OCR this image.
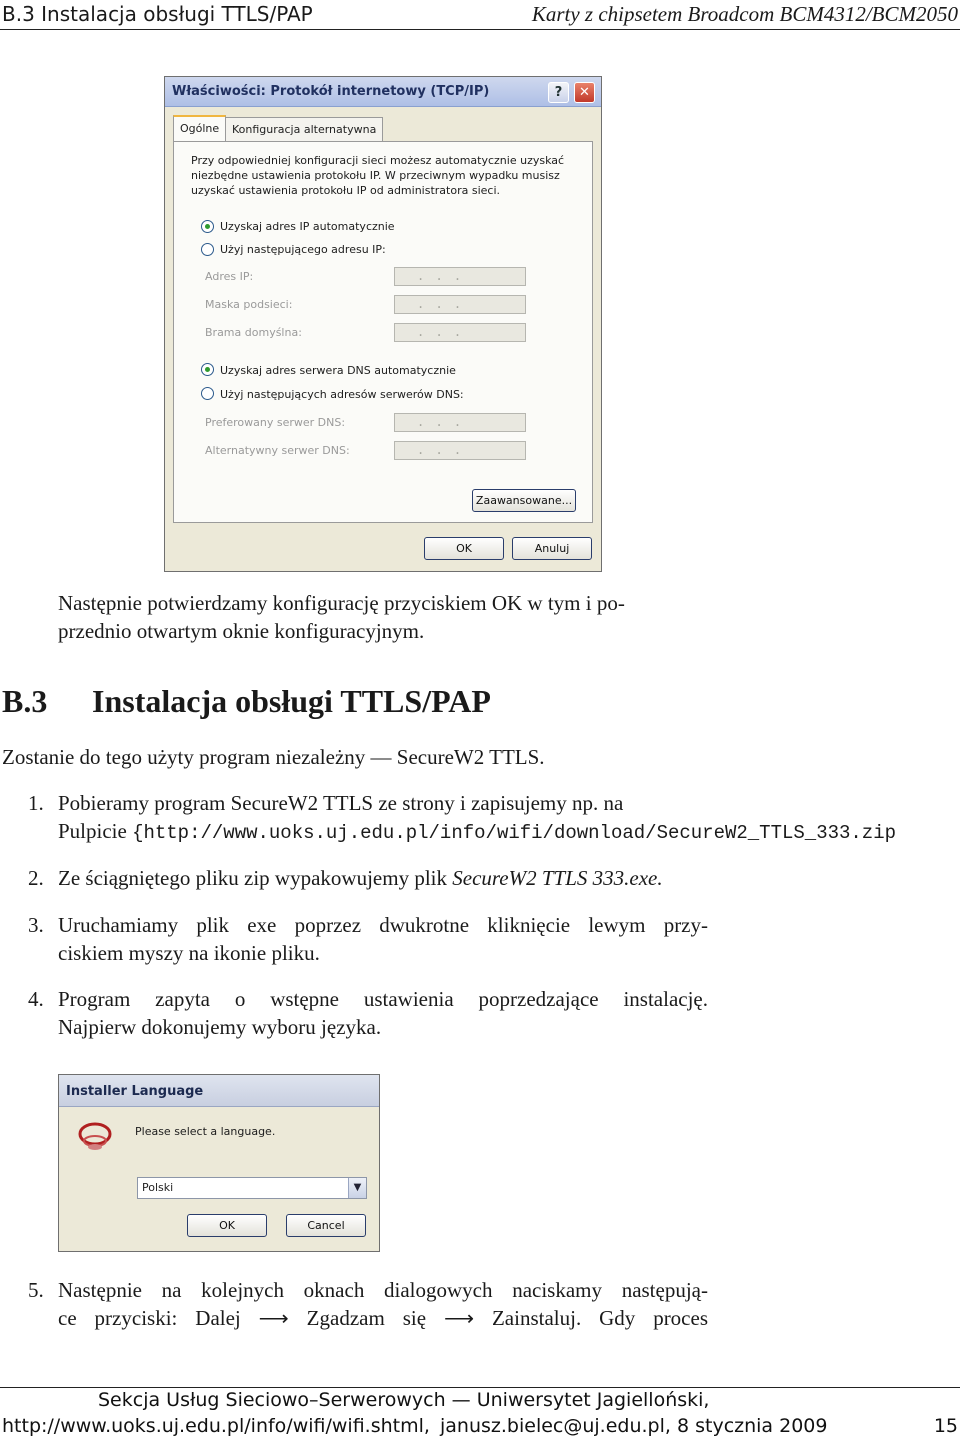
B.3 Instalacja obsługi TTLS/PAP	Karty z chipsetem Broadcom BCM4312/BCM2050
Właściwości: Protokół internetowy (TCP/IP)	?	✕
Ogólne	Konfiguracja alternatywna
Przy odpowiedniej konfiguracji sieci możesz automatycznie uzyskać
niezbędne ustawienia protokołu IP. W przeciwnym wypadku musisz
uzyskać ustawienia protokołu IP od administratora sieci.
Uzyskaj adres IP automatycznie
Użyj następującego adresu IP:
Adres IP:	. . .
Maska podsieci:	. . .
Brama domyślna:	. . .
Uzyskaj adres serwera DNS automatycznie
Użyj następujących adresów serwerów DNS:
Preferowany serwer DNS:	. . .
Alternatywny serwer DNS:	. . .
Zaawansowane...
OK	Anuluj
Następnie potwierdzamy konfigurację przyciskiem OK w tym i po-
przednio otwartym oknie konfiguracyjnym.
B.3 Instalacja obsługi TTLS/PAP
Zostanie do tego użyty program niezależny — SecureW2 TTLS.
1. Pobieramy program SecureW2 TTLS ze strony i zapisujemy np. na
Pulpicie {http://www.uoks.uj.edu.pl/info/wifi/download/SecureW2_TTLS_333.zip
2. Ze ściągniętego pliku zip wypakowujemy plik SecureW2 TTLS 333.exe.
3. Uruchamiamy plik exe poprzez dwukrotne kliknięcie lewym przy-
ciskiem myszy na ikonie pliku.
4. Program zapyta o wstępne ustawienia poprzedzające instalację.
Najpierw dokonujemy wyboru języka.
Installer Language
Please select a language.
Polski	▼
OK	Cancel
5. Następnie na kolejnych oknach dialogowych naciskamy następują-
ce przyciski: Dalej ⟶ Zgadzam się ⟶ Zainstaluj. Gdy proces
Sekcja Usług Sieciowo–Serwerowych — Uniwersytet Jagielloński,
http://www.uoks.uj.edu.pl/info/wifi/wifi.shtml, janusz.bielec@uj.edu.pl, 8 stycznia 2009	15
